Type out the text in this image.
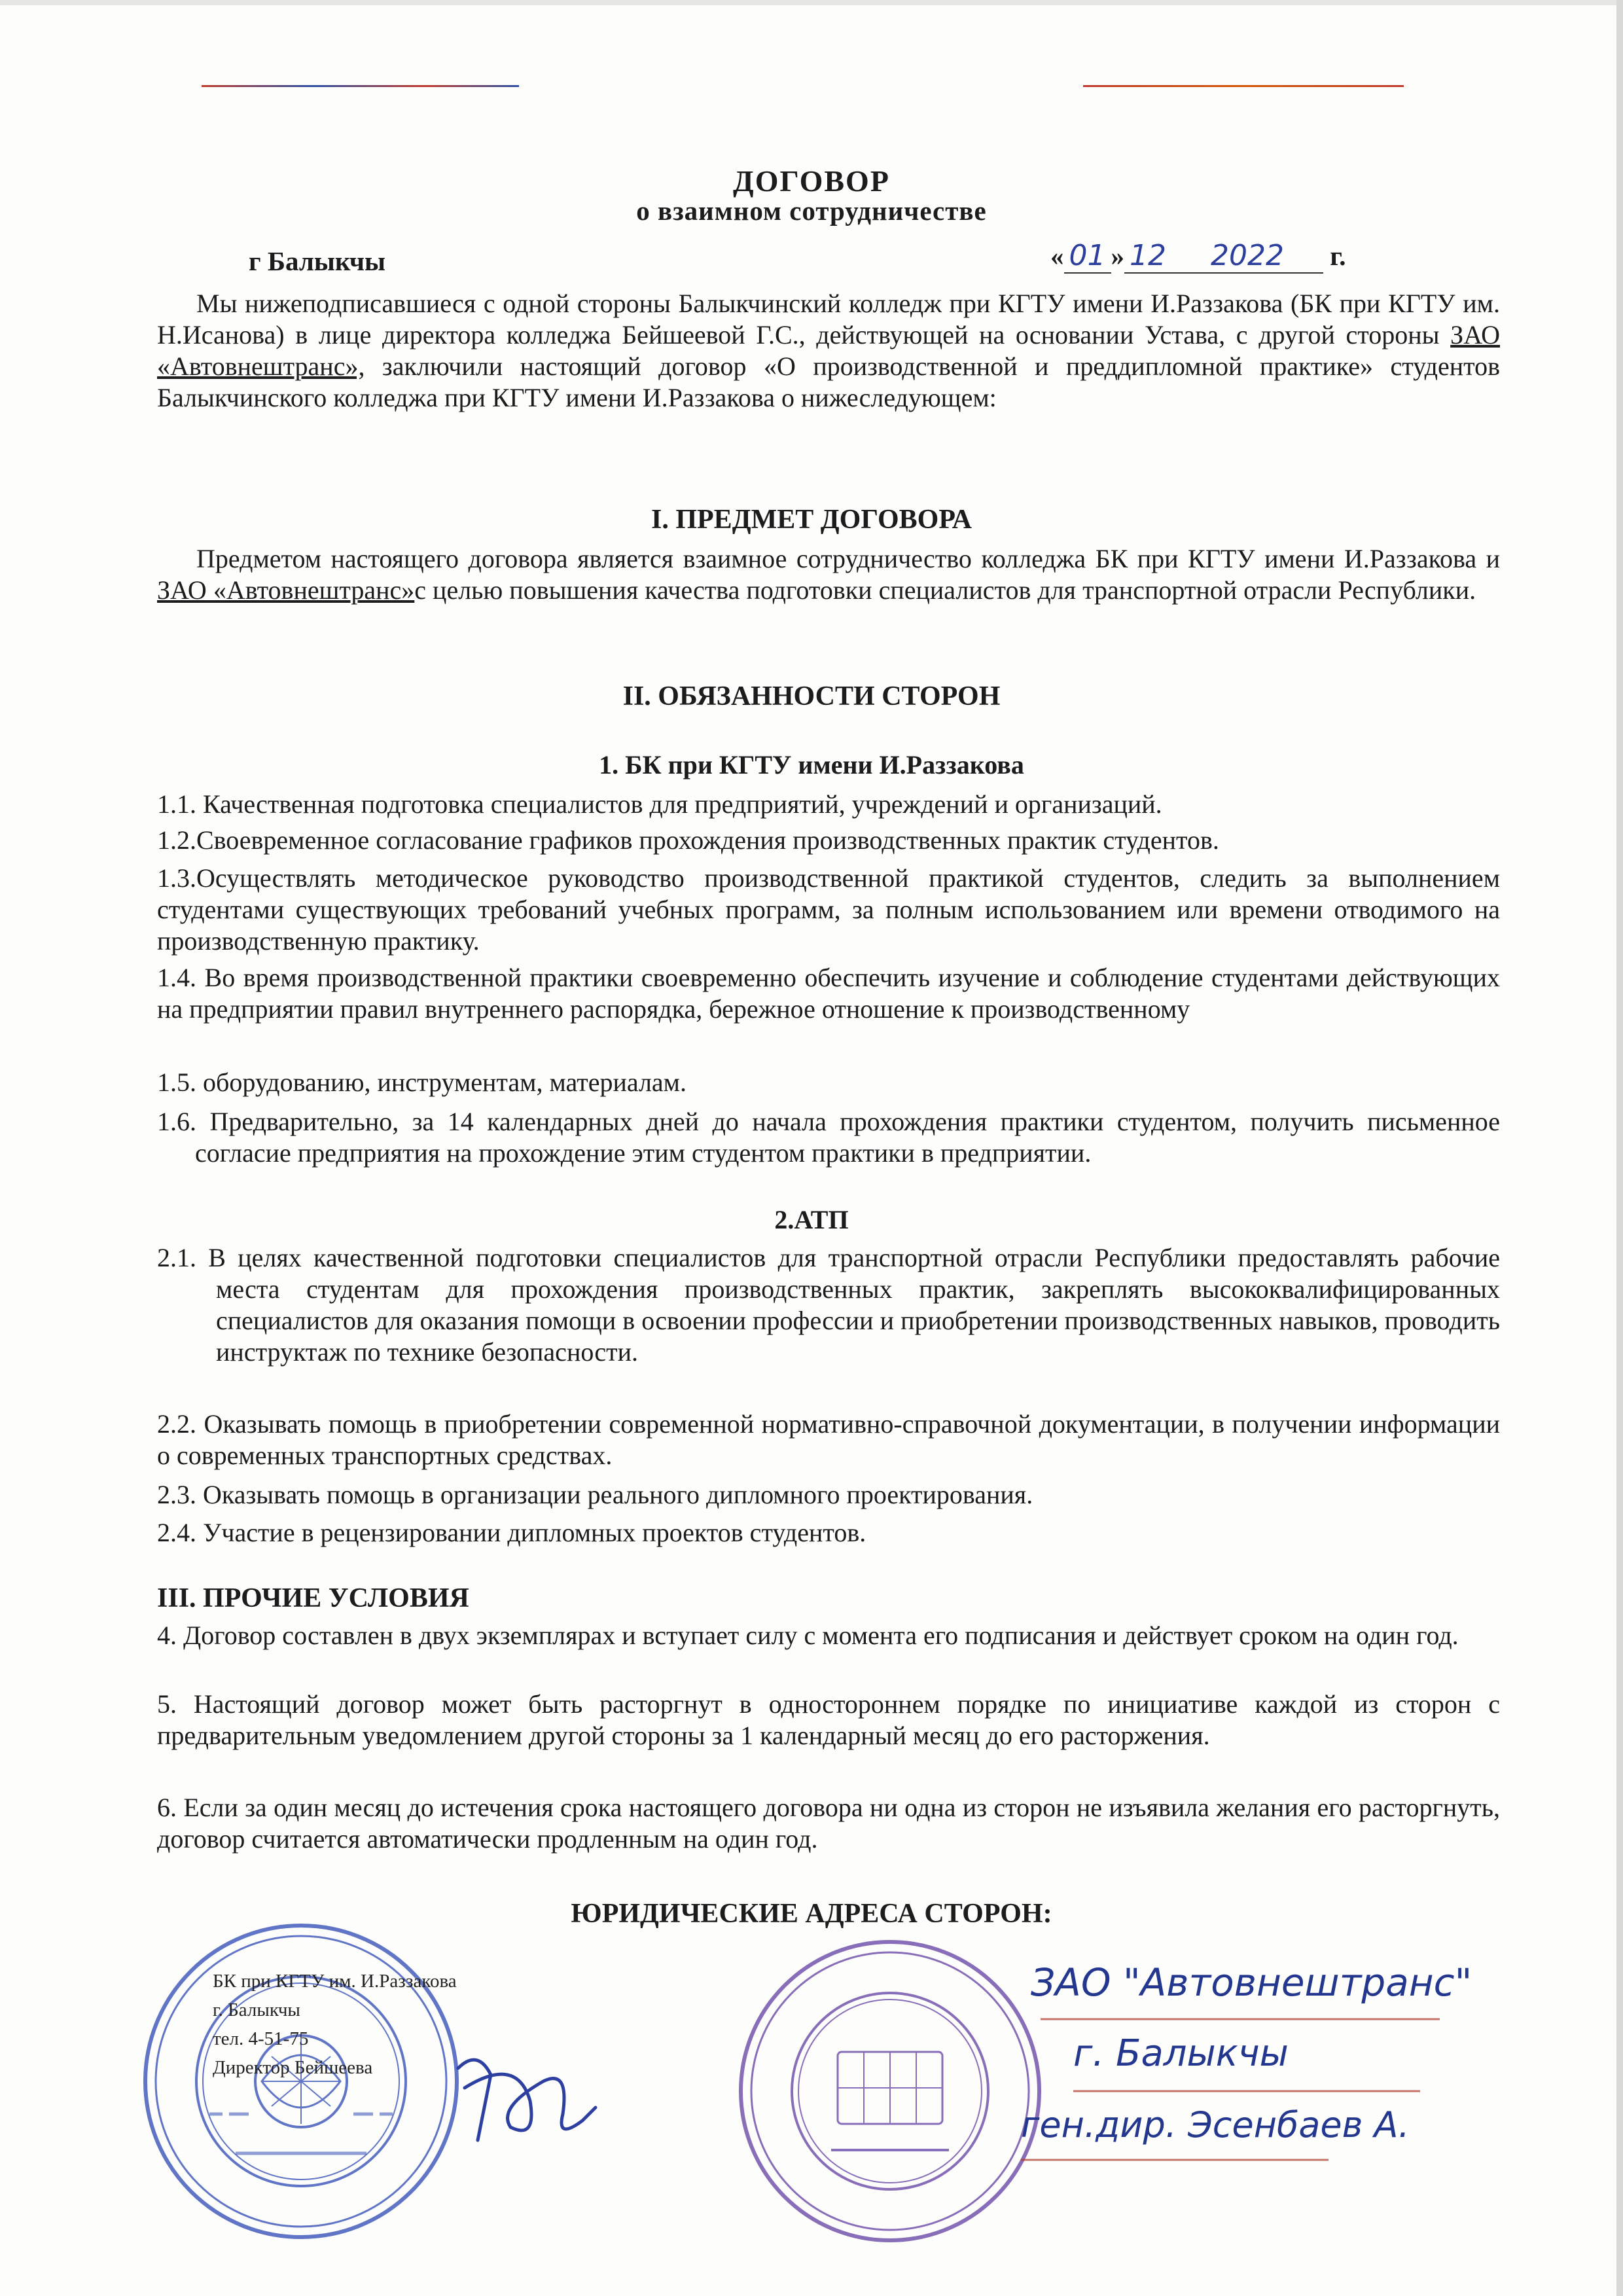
ДОГОВОР
о взаимном сотрудничестве
г Балыкчы	« 01 » 12 2022 г.
Мы нижеподписавшиеся с одной стороны Балыкчинский колледж при КГТУ имени И.Раззакова (БК при КГТУ им. Н.Исанова) в лице директора колледжа Бейшеевой Г.С., действующей на основании Устава, с другой стороны ЗАО «Автовнештранс», заключили настоящий договор «О производственной и преддипломной практике» студентов Балыкчинского колледжа при КГТУ имени И.Раззакова о нижеследующем:
I. ПРЕДМЕТ ДОГОВОРА
Предметом настоящего договора является взаимное сотрудничество колледжа БК при КГТУ имени И.Раззакова и ЗАО «Автовнештранс»с целью повышения качества подготовки специалистов для транспортной отрасли Республики.
II. ОБЯЗАННОСТИ СТОРОН
1. БК при КГТУ имени И.Раззакова
1.1. Качественная подготовка специалистов для предприятий, учреждений и организаций.
1.2.Своевременное согласование графиков прохождения производственных практик студентов.
1.3.Осуществлять методическое руководство производственной практикой студентов, следить за выполнением студентами существующих требований учебных программ, за полным использованием или времени отводимого на производственную практику.
1.4. Во время производственной практики своевременно обеспечить изучение и соблюдение студентами действующих на предприятии правил внутреннего распорядка, бережное отношение к производственному
1.5. оборудованию, инструментам, материалам.
1.6. Предварительно, за 14 календарных дней до начала прохождения практики студентом, получить письменное согласие предприятия на прохождение этим студентом практики в предприятии.
2.АТП
2.1. В целях качественной подготовки специалистов для транспортной отрасли Республики предоставлять рабочие места студентам для прохождения производственных практик, закреплять высококвалифицированных специалистов для оказания помощи в освоении профессии и приобретении производственных навыков, проводить инструктаж по технике безопасности.
2.2. Оказывать помощь в приобретении современной нормативно-справочной документации, в получении информации о современных транспортных средствах.
2.3. Оказывать помощь в организации реального дипломного проектирования.
2.4. Участие в рецензировании дипломных проектов студентов.
III. ПРОЧИЕ УСЛОВИЯ
4. Договор составлен в двух экземплярах и вступает силу с момента его подписания и действует сроком на один год.
5. Настоящий договор может быть расторгнут в одностороннем порядке по инициативе каждой из сторон с предварительным уведомлением другой стороны за 1 календарный месяц до его расторжения.
6. Если за один месяц до истечения срока настоящего договора ни одна из сторон не изъявила желания его расторгнуть, договор считается автоматически продленным на один год.
ЮРИДИЧЕСКИЕ АДРЕСА СТОРОН:
БК при КГТУ им. И.Раззакова
г. Балыкчы
тел. 4-51-75
Директор Бейшеева
ЗАО "Автовнештранс"
г. Балыкчы
ген.дир. Эсенбаев А.
